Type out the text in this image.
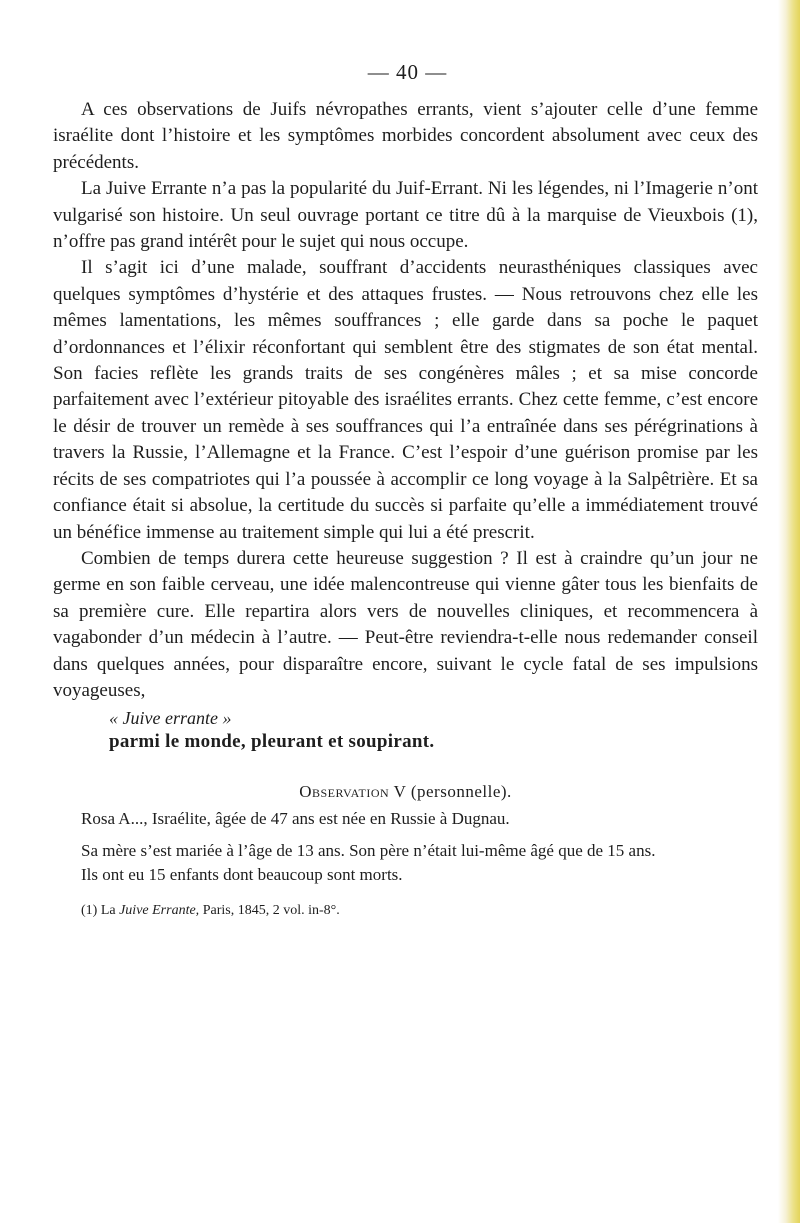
— 40 —

A ces observations de Juifs névropathes errants, vient s’ajouter celle d’une femme israélite dont l’histoire et les symptômes morbides concordent absolument avec ceux des précédents.

La Juive Errante n’a pas la popularité du Juif-Errant. Ni les légendes, ni l’Imagerie n’ont vulgarisé son histoire. Un seul ouvrage portant ce titre dû à la marquise de Vieuxbois (1), n’offre pas grand intérêt pour le sujet qui nous occupe.

Il s’agit ici d’une malade, souffrant d’accidents neurasthéniques classiques avec quelques symptômes d’hystérie et des attaques frustes. — Nous retrouvons chez elle les mêmes lamentations, les mêmes souffrances ; elle garde dans sa poche le paquet d’ordonnances et l’élixir réconfortant qui semblent être des stigmates de son état mental. Son facies reflète les grands traits de ses congénères mâles ; et sa mise concorde parfaitement avec l’extérieur pitoyable des israélites errants. Chez cette femme, c’est encore le désir de trouver un remède à ses souffrances qui l’a entraînée dans ses pérégrinations à travers la Russie, l’Allemagne et la France. C’est l’espoir d’une guérison promise par les récits de ses compatriotes qui l’a poussée à accomplir ce long voyage à la Salpêtrière. Et sa confiance était si absolue, la certitude du succès si parfaite qu’elle a immédiatement trouvé un bénéfice immense au traitement simple qui lui a été prescrit.

Combien de temps durera cette heureuse suggestion ? Il est à craindre qu’un jour ne germe en son faible cerveau, une idée malencontreuse qui vienne gâter tous les bienfaits de sa première cure. Elle repartira alors vers de nouvelles cliniques, et recommencera à vagabonder d’un médecin à l’autre. — Peut-être reviendra-t-elle nous redemander conseil dans quelques années, pour disparaître encore, suivant le cycle fatal de ses impulsions voyageuses,

« Juive errante »
parmi le monde, pleurant et soupirant.
Observation V (personnelle).

Rosa A..., Israélite, âgée de 47 ans est née en Russie à Dugnau.

Sa mère s’est mariée à l’âge de 13 ans. Son père n’était lui-même âgé que de 15 ans.

Ils ont eu 15 enfants dont beaucoup sont morts.

(1) La Juive Errante, Paris, 1845, 2 vol. in-8°.
